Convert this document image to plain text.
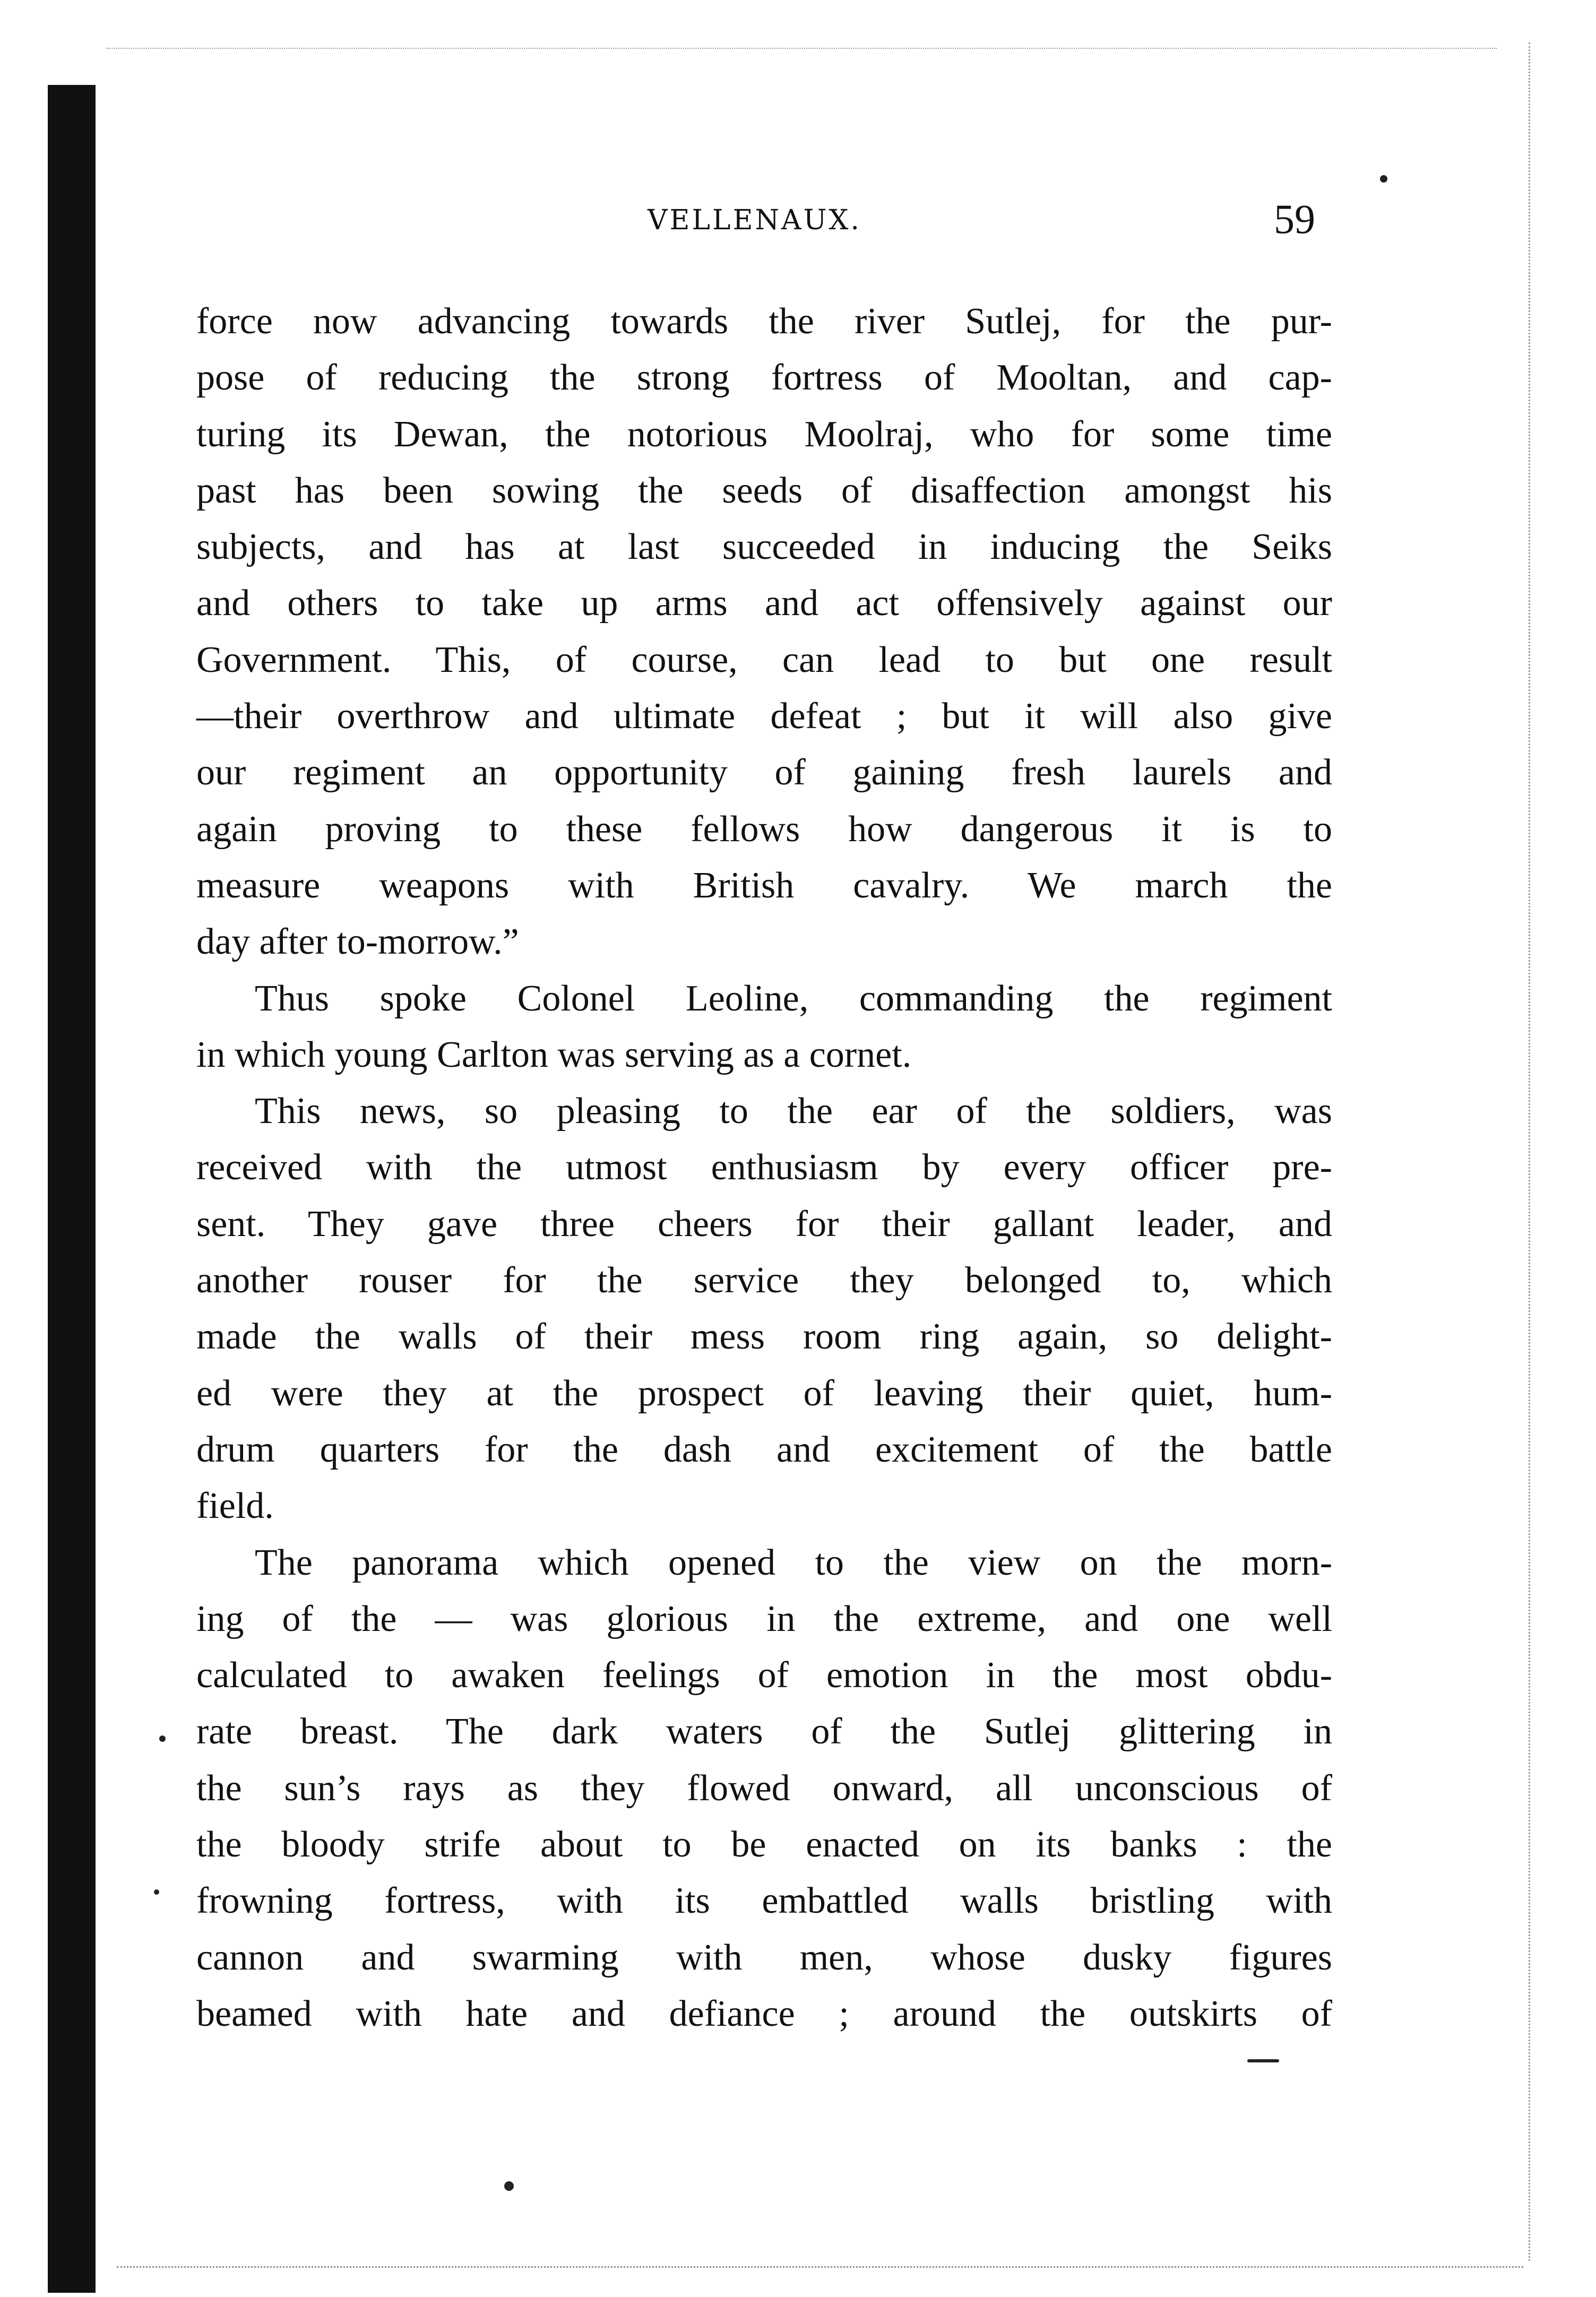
VELLENAUX.	59
force now advancing towards the river Sutlej, for the pur-
pose of reducing the strong fortress of Mooltan, and cap-
turing its Dewan, the notorious Moolraj, who for some time
past has been sowing the seeds of disaffection amongst his
subjects, and has at last succeeded in inducing the Seiks
and others to take up arms and act offensively against our
Government. This, of course, can lead to but one result
—their overthrow and ultimate defeat ; but it will also give
our regiment an opportunity of gaining fresh laurels and
again proving to these fellows how dangerous it is to
measure weapons with British cavalry. We march the
day after to-morrow.”
Thus spoke Colonel Leoline, commanding the regiment
in which young Carlton was serving as a cornet.
This news, so pleasing to the ear of the soldiers, was
received with the utmost enthusiasm by every officer pre-
sent. They gave three cheers for their gallant leader, and
another rouser for the service they belonged to, which
made the walls of their mess room ring again, so delight-
ed were they at the prospect of leaving their quiet, hum-
drum quarters for the dash and excitement of the battle
field.
The panorama which opened to the view on the morn-
ing of the — was glorious in the extreme, and one well
calculated to awaken feelings of emotion in the most obdu-
rate breast. The dark waters of the Sutlej glittering in
the sun’s rays as they flowed onward, all unconscious of
the bloody strife about to be enacted on its banks : the
frowning fortress, with its embattled walls bristling with
cannon and swarming with men, whose dusky figures
beamed with hate and defiance ; around the outskirts of
